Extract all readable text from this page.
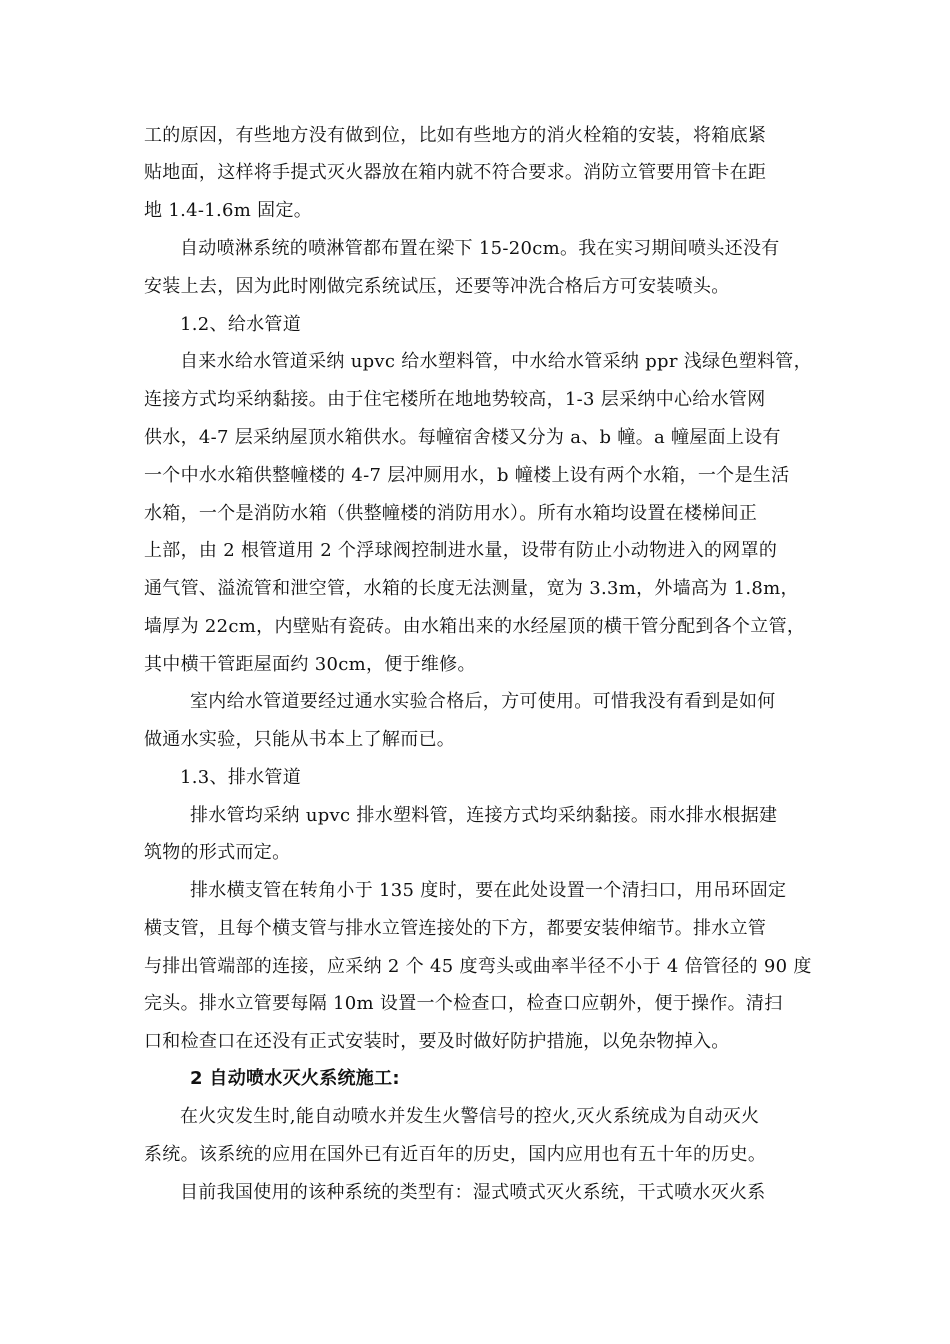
工的原因，有些地方没有做到位，比如有些地方的消火栓箱的安装，将箱底紧
贴地面，这样将手提式灭火器放在箱内就不符合要求。消防立管要用管卡在距
地 1.4-1.6m 固定。
自动喷淋系统的喷淋管都布置在梁下 15-20cm。我在实习期间喷头还没有
安装上去，因为此时刚做完系统试压，还要等冲洗合格后方可安装喷头。
1.2、给水管道
自来水给水管道采纳 upvc 给水塑料管，中水给水管采纳 ppr 浅绿色塑料管，
连接方式均采纳黏接。由于住宅楼所在地地势较高，1-3 层采纳中心给水管网
供水，4-7 层采纳屋顶水箱供水。每幢宿舍楼又分为 a、b 幢。a 幢屋面上设有
一个中水水箱供整幢楼的 4-7 层冲厕用水，b 幢楼上设有两个水箱，一个是生活
水箱，一个是消防水箱（供整幢楼的消防用水）。所有水箱均设置在楼梯间正
上部，由 2 根管道用 2 个浮球阀控制进水量，设带有防止小动物进入的网罩的
通气管、溢流管和泄空管，水箱的长度无法测量，宽为 3.3m，外墙高为 1.8m，
墙厚为 22cm，内壁贴有瓷砖。由水箱出来的水经屋顶的横干管分配到各个立管，
其中横干管距屋面约 30cm，便于维修。
室内给水管道要经过通水实验合格后，方可使用。可惜我没有看到是如何
做通水实验，只能从书本上了解而已。
1.3、排水管道
排水管均采纳 upvc 排水塑料管，连接方式均采纳黏接。雨水排水根据建
筑物的形式而定。
排水横支管在转角小于 135 度时，要在此处设置一个清扫口，用吊环固定
横支管，且每个横支管与排水立管连接处的下方，都要安装伸缩节。排水立管
与排出管端部的连接，应采纳 2 个 45 度弯头或曲率半径不小于 4 倍管径的 90 度
完头。排水立管要每隔 10m 设置一个检查口，检查口应朝外，便于操作。清扫
口和检查口在还没有正式安装时，要及时做好防护措施，以免杂物掉入。
2 自动喷水灭火系统施工:
在火灾发生时,能自动喷水并发生火警信号的控火,灭火系统成为自动灭火
系统。该系统的应用在国外已有近百年的历史，国内应用也有五十年的历史。
目前我国使用的该种系统的类型有：湿式喷式灭火系统，干式喷水灭火系
